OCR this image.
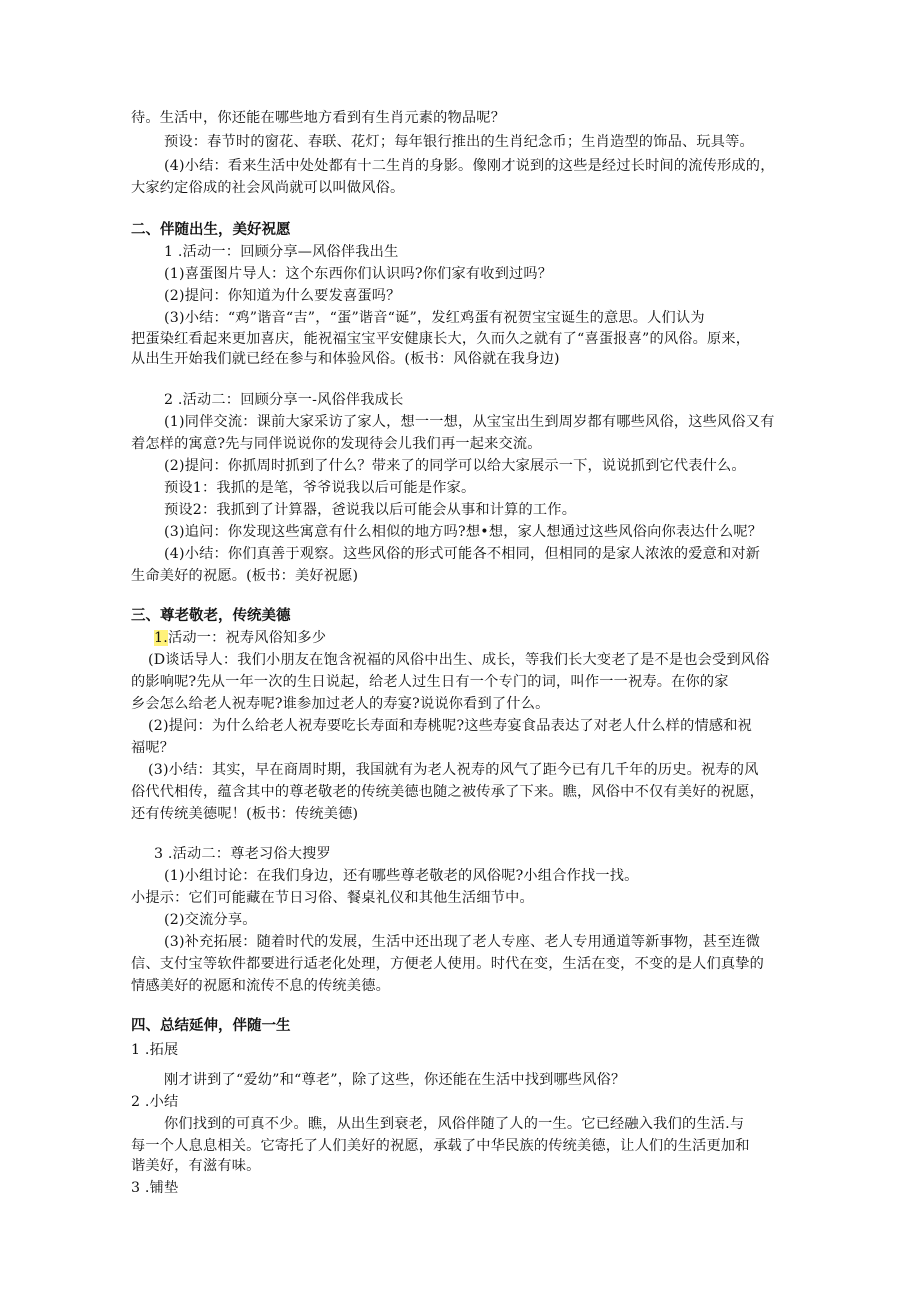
待。生活中，你还能在哪些地方看到有生肖元素的物品呢？
预设：春节时的窗花、春联、花灯；每年银行推出的生肖纪念币；生肖造型的饰品、玩具等。
(4)小结：看来生活中处处都有十二生肖的身影。像刚才说到的这些是经过长时间的流传形成的，
大家约定俗成的社会风尚就可以叫做风俗。
二、伴随出生，美好祝愿
1 .活动一：回顾分享—风俗伴我出生
(1)喜蛋图片导人：这个东西你们认识吗?你们家有收到过吗？
(2)提问：你知道为什么要发喜蛋吗？
(3)小结：“鸡”谐音“吉”，“蛋”谐音“诞”，发红鸡蛋有祝贺宝宝诞生的意思。人们认为
把蛋染红看起来更加喜庆，能祝福宝宝平安健康长大，久而久之就有了“喜蛋报喜”的风俗。原来，
从出生开始我们就已经在参与和体验风俗。(板书：风俗就在我身边)
2 .活动二：回顾分享一-风俗伴我成长
(1)同伴交流：课前大家采访了家人，想一一想，从宝宝出生到周岁都有哪些风俗，这些风俗又有
着怎样的寓意?先与同伴说说你的发现待会儿我们再一起来交流。
(2)提问：你抓周时抓到了什么？带来了的同学可以给大家展示一下，说说抓到它代表什么。
预设1：我抓的是笔，爷爷说我以后可能是作家。
预设2：我抓到了计算器，爸说我以后可能会从事和计算的工作。
(3)追问：你发现这些寓意有什么相似的地方吗?想•想，家人想通过这些风俗向你表达什么呢？
(4)小结：你们真善于观察。这些风俗的形式可能各不相同，但相同的是家人浓浓的爱意和对新
生命美好的祝愿。(板书：美好祝愿)
三、尊老敬老，传统美德
1.活动一：祝寿风俗知多少
(D谈话导人：我们小朋友在饱含祝福的风俗中出生、成长，等我们长大变老了是不是也会受到风俗
的影响呢?先从一年一次的生日说起，给老人过生日有一个专门的词，叫作一一祝寿。在你的家
乡会怎么给老人祝寿呢?谁参加过老人的寿宴?说说你看到了什么。
(2)提问：为什么给老人祝寿要吃长寿面和寿桃呢?这些寿宴食品表达了对老人什么样的情感和祝
福呢？
(3)小结：其实，早在商周时期，我国就有为老人祝寿的风气了距今已有几千年的历史。祝寿的风
俗代代相传，蕴含其中的尊老敬老的传统美德也随之被传承了下来。瞧，风俗中不仅有美好的祝愿，
还有传统美德呢！(板书：传统美德)
3 .活动二：尊老习俗大搜罗
(1)小组讨论：在我们身边，还有哪些尊老敬老的风俗呢?小组合作找一找。
小提示：它们可能藏在节日习俗、餐桌礼仪和其他生活细节中。
(2)交流分享。
(3)补充拓展：随着时代的发展，生活中还出现了老人专座、老人专用通道等新事物，甚至连微
信、支付宝等软件都要进行适老化处理，方便老人使用。时代在变，生活在变，不变的是人们真挚的
情感美好的祝愿和流传不息的传统美德。
四、总结延伸，伴随一生
1 .拓展
刚才讲到了“爱幼”和“尊老”，除了这些，你还能在生活中找到哪些风俗？
2 .小结
你们找到的可真不少。瞧，从出生到衰老，风俗伴随了人的一生。它已经融入我们的生活.与
每一个人息息相关。它寄托了人们美好的祝愿，承载了中华民族的传统美德，让人们的生活更加和
谐美好，有滋有味。
3 .铺垫
